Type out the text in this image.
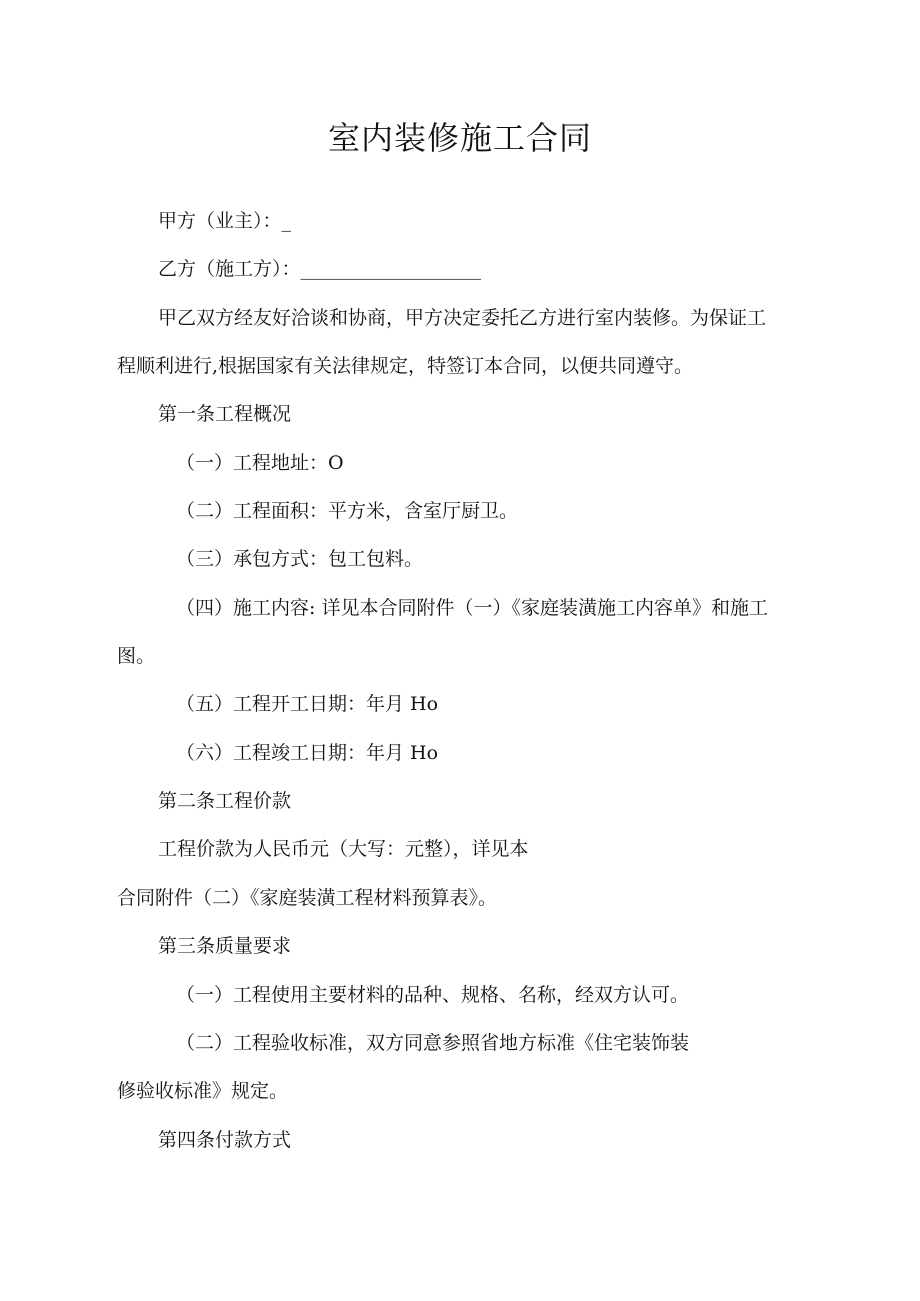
室内装修施工合同
甲方（业主）：_
乙方（施工方）：___________________
甲乙双方经友好洽谈和协商，甲方决定委托乙方进行室内装修。为保证工
程顺利进行,根据国家有关法律规定，特签订本合同，以便共同遵守。
第一条工程概况
（一）工程地址：O
（二）工程面积：平方米，含室厅厨卫。
（三）承包方式：包工包料。
（四）施工内容: 详见本合同附件（一）《家庭装潢施工内容单》和施工
图。
（五）工程开工日期：年月 Ho
（六）工程竣工日期：年月 Ho
第二条工程价款
工程价款为人民币元（大写：元整），详见本
合同附件（二）《家庭装潢工程材料预算表》。
第三条质量要求
（一）工程使用主要材料的品种、规格、名称，经双方认可。
（二）工程验收标准，双方同意参照省地方标准《住宅装饰装
修验收标准》规定。
第四条付款方式
